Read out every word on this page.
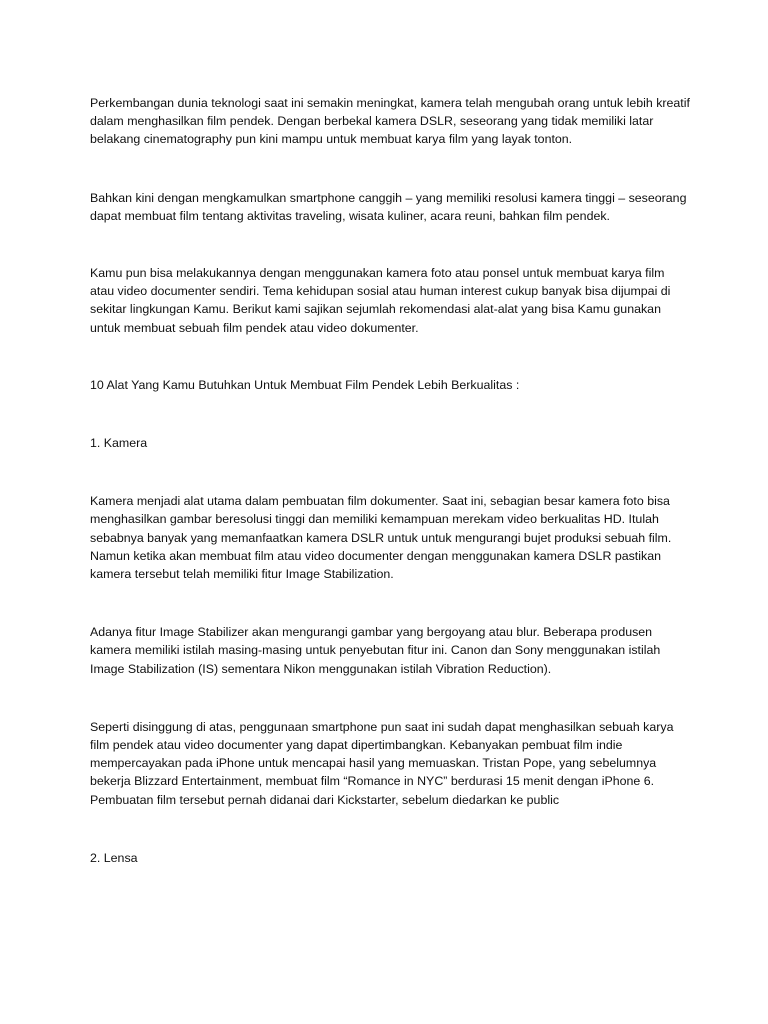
Perkembangan dunia teknologi saat ini semakin meningkat, kamera telah mengubah orang untuk lebih kreatif dalam menghasilkan film pendek. Dengan berbekal kamera DSLR, seseorang yang tidak memiliki latar belakang cinematography pun kini mampu untuk membuat karya film yang layak tonton.

Bahkan kini dengan mengkamulkan smartphone canggih – yang memiliki resolusi kamera tinggi – seseorang dapat membuat film tentang aktivitas traveling, wisata kuliner, acara reuni, bahkan film pendek.

Kamu pun bisa melakukannya dengan menggunakan kamera foto atau ponsel untuk membuat karya film atau video documenter sendiri. Tema kehidupan sosial atau human interest cukup banyak bisa dijumpai di sekitar lingkungan Kamu. Berikut kami sajikan sejumlah rekomendasi alat-alat yang bisa Kamu gunakan untuk membuat sebuah film pendek atau video dokumenter.

10 Alat Yang Kamu Butuhkan Untuk Membuat Film Pendek Lebih Berkualitas :

1. Kamera

Kamera menjadi alat utama dalam pembuatan film dokumenter. Saat ini, sebagian besar kamera foto bisa menghasilkan gambar beresolusi tinggi dan memiliki kemampuan merekam video berkualitas HD. Itulah sebabnya banyak yang memanfaatkan kamera DSLR untuk untuk mengurangi bujet produksi sebuah film. Namun ketika akan membuat film atau video documenter dengan menggunakan kamera DSLR pastikan kamera tersebut telah memiliki fitur Image Stabilization.

Adanya fitur Image Stabilizer akan mengurangi gambar yang bergoyang atau blur. Beberapa produsen kamera memiliki istilah masing-masing untuk penyebutan fitur ini. Canon dan Sony menggunakan istilah Image Stabilization (IS) sementara Nikon menggunakan istilah Vibration Reduction).

Seperti disinggung di atas, penggunaan smartphone pun saat ini sudah dapat menghasilkan sebuah karya film pendek atau video documenter yang dapat dipertimbangkan. Kebanyakan pembuat film indie mempercayakan pada iPhone untuk mencapai hasil yang memuaskan. Tristan Pope, yang sebelumnya bekerja Blizzard Entertainment, membuat film “Romance in NYC” berdurasi 15 menit dengan iPhone 6. Pembuatan film tersebut pernah didanai dari Kickstarter, sebelum diedarkan ke public

2. Lensa
